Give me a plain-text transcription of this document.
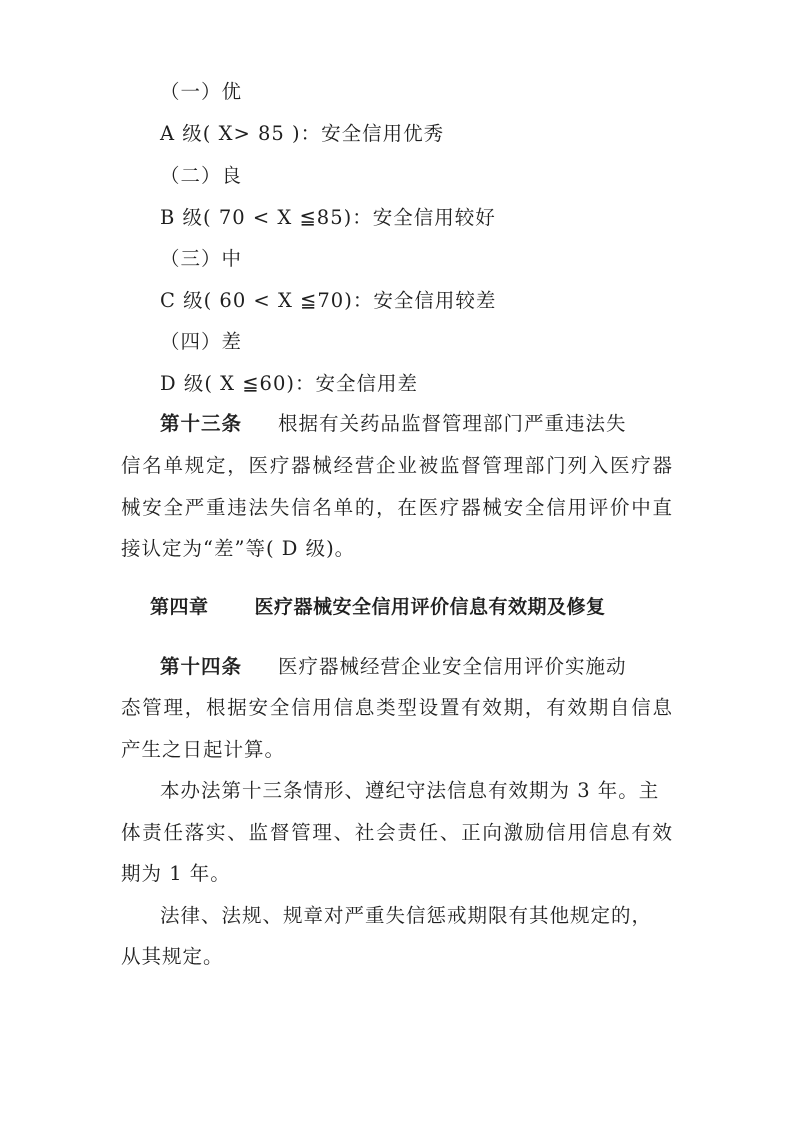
（一）优
A 级( X> 85 )：安全信用优秀
（二）良
B 级( 70 < X ≦85)：安全信用较好
（三）中
C 级( 60 < X ≦70)：安全信用较差
（四）差
D 级( X ≦60)：安全信用差
第十三条 根据有关药品监督管理部门严重违法失
信名单规定，医疗器械经营企业被监督管理部门列入医疗器
械安全严重违法失信名单的，在医疗器械安全信用评价中直
接认定为“差”等( D 级)。
第四章 医疗器械安全信用评价信息有效期及修复
第十四条 医疗器械经营企业安全信用评价实施动
态管理，根据安全信用信息类型设置有效期，有效期自信息
产生之日起计算。
本办法第十三条情形、遵纪守法信息有效期为 3 年。主
体责任落实、监督管理、社会责任、正向激励信用信息有效
期为 1 年。
法律、法规、规章对严重失信惩戒期限有其他规定的，
从其规定。
